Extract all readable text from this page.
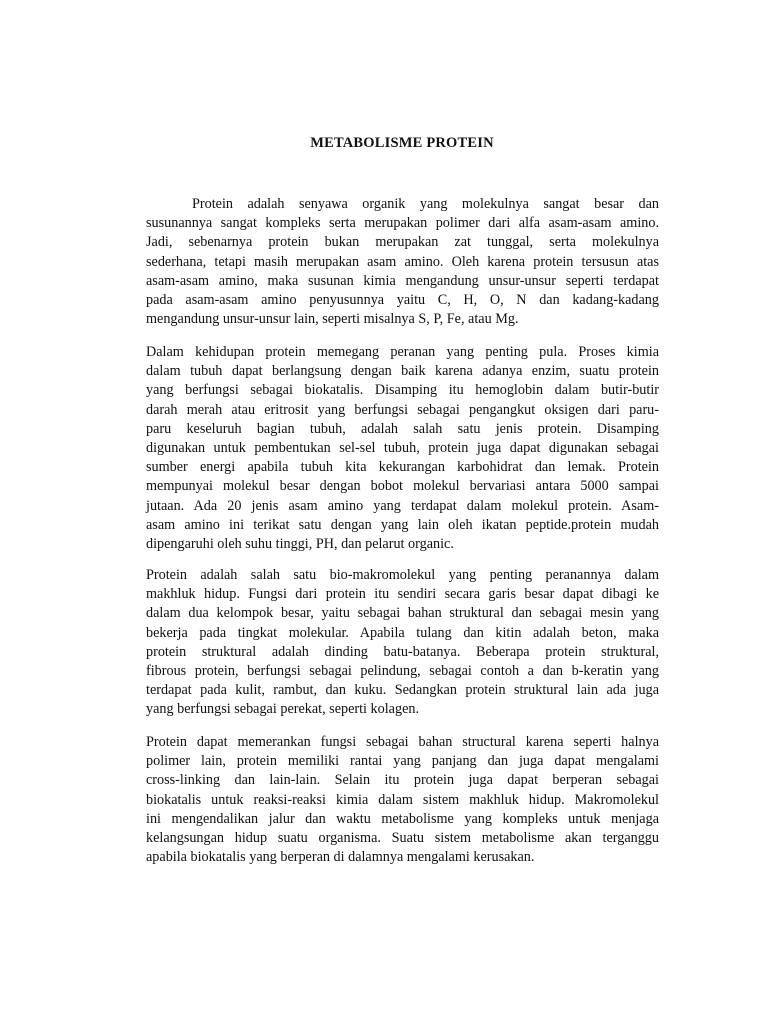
METABOLISME PROTEIN

Protein adalah senyawa organik yang molekulnya sangat besar dan
susunannya sangat kompleks serta merupakan polimer dari alfa asam-asam amino.
Jadi, sebenarnya protein bukan merupakan zat tunggal, serta molekulnya
sederhana, tetapi masih merupakan asam amino. Oleh karena protein tersusun atas
asam-asam amino, maka susunan kimia mengandung unsur-unsur seperti terdapat
pada asam-asam amino penyusunnya yaitu C, H, O, N dan kadang-kadang
mengandung unsur-unsur lain, seperti misalnya S, P, Fe, atau Mg.

Dalam kehidupan protein memegang peranan yang penting pula. Proses kimia
dalam tubuh dapat berlangsung dengan baik karena adanya enzim, suatu protein
yang berfungsi sebagai biokatalis. Disamping itu hemoglobin dalam butir-butir
darah merah atau eritrosit yang berfungsi sebagai pengangkut oksigen dari paru-
paru keseluruh bagian tubuh, adalah salah satu jenis protein. Disamping
digunakan untuk pembentukan sel-sel tubuh, protein juga dapat digunakan sebagai
sumber energi apabila tubuh kita kekurangan karbohidrat dan lemak. Protein
mempunyai molekul besar dengan bobot molekul bervariasi antara 5000 sampai
jutaan. Ada 20 jenis asam amino yang terdapat dalam molekul protein. Asam-
asam amino ini terikat satu dengan yang lain oleh ikatan peptide.protein mudah
dipengaruhi oleh suhu tinggi, PH, dan pelarut organic.

Protein adalah salah satu bio-makromolekul yang penting peranannya dalam
makhluk hidup. Fungsi dari protein itu sendiri secara garis besar dapat dibagi ke
dalam dua kelompok besar, yaitu sebagai bahan struktural dan sebagai mesin yang
bekerja pada tingkat molekular. Apabila tulang dan kitin adalah beton, maka
protein struktural adalah dinding batu-batanya. Beberapa protein struktural,
fibrous protein, berfungsi sebagai pelindung, sebagai contoh a dan b-keratin yang
terdapat pada kulit, rambut, dan kuku. Sedangkan protein struktural lain ada juga
yang berfungsi sebagai perekat, seperti kolagen.

Protein dapat memerankan fungsi sebagai bahan structural karena seperti halnya
polimer lain, protein memiliki rantai yang panjang dan juga dapat mengalami
cross-linking dan lain-lain. Selain itu protein juga dapat berperan sebagai
biokatalis untuk reaksi-reaksi kimia dalam sistem makhluk hidup. Makromolekul
ini mengendalikan jalur dan waktu metabolisme yang kompleks untuk menjaga
kelangsungan hidup suatu organisma. Suatu sistem metabolisme akan terganggu
apabila biokatalis yang berperan di dalamnya mengalami kerusakan.
